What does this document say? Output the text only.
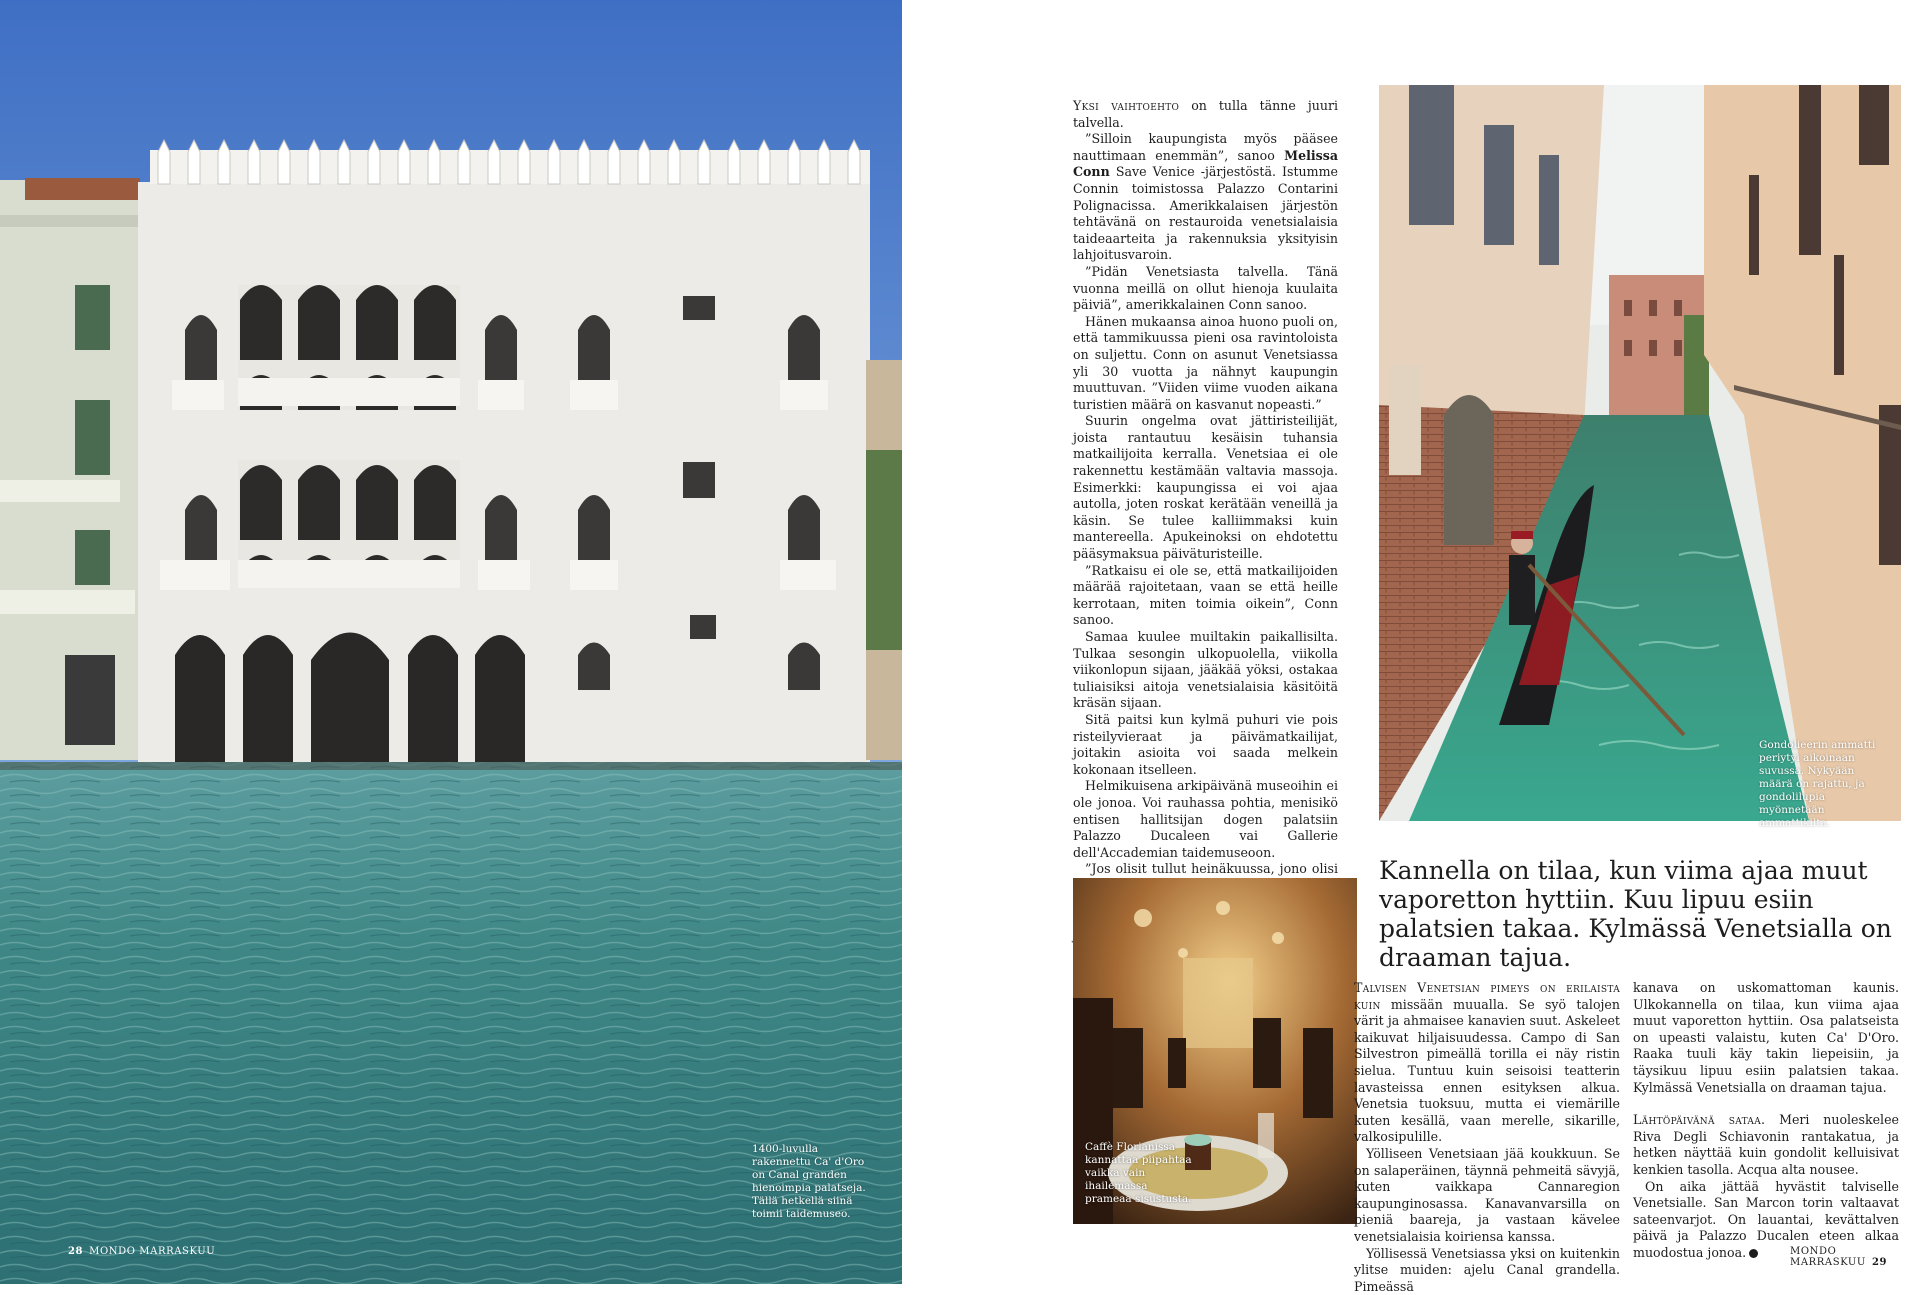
1400-luvulla rakennettu Ca' d'Oro on Canal granden hienoimpia palatseja. Tällä hetkellä siinä toimii taidemuseo.
28 MONDO MARRASKUU

Yksi vaihtoehto on tulla tänne juuri talvella.

”Silloin kaupungista myös pääsee nauttimaan enemmän”, sanoo Melissa Conn Save Venice -järjestöstä. Istumme Connin toimistossa Palazzo Contarini Polignacissa. Amerikkalaisen järjestön tehtävänä on restauroida venetsialaisia taideaarteita ja rakennuksia yksityisin lahjoitusvaroin.

”Pidän Venetsiasta talvella. Tänä vuonna meillä on ollut hienoja kuulaita päiviä”, amerikkalainen Conn sanoo.

Hänen mukaansa ainoa huono puoli on, että tammikuussa pieni osa ravintoloista on suljettu. Conn on asunut Venetsiassa yli 30 vuotta ja nähnyt kaupungin muuttuvan. ”Viiden viime vuoden aikana turistien määrä on kasvanut nopeasti.”

Suurin ongelma ovat jättiristeilijät, joista rantautuu kesäisin tuhansia matkailijoita kerralla. Venetsiaa ei ole rakennettu kestämään valtavia massoja. Esimerkki: kaupungissa ei voi ajaa autolla, joten roskat kerätään veneillä ja käsin. Se tulee kalliimmaksi kuin mantereella. Apukeinoksi on ehdotettu pääsymaksua päiväturisteille.

”Ratkaisu ei ole se, että matkailijoiden määrää rajoitetaan, vaan se että heille kerrotaan, miten toimia oikein”, Conn sanoo.

Samaa kuulee muiltakin paikallisilta. Tulkaa sesongin ulkopuolella, viikolla viikonlopun sijaan, jääkää yöksi, ostakaa tuliaisiksi aitoja venetsialaisia käsitöitä kräsän sijaan.

Sitä paitsi kun kylmä puhuri vie pois risteilyvieraat ja päivämatkailijat, joitakin asioita voi saada melkein kokonaan itselleen.

Helmikuisena arkipäivänä museoihin ei ole jonoa. Voi rauhassa pohtia, menisikö entisen hallitsijan dogen palatsiin Palazzo Ducaleen vai Gallerie dell'Accademian taidemuseoon.

”Jos olisit tullut heinäkuussa, jono olisi

Gondolieerin ammatti periytyi aikoinaan suvussa. Nykyään määrä on rajattu, ja gondolilupia myönnetään ammattikilta.
Kannella on tilaa, kun viima ajaa muut vaporetton hyttiin. Kuu lipuu esiin palatsien takaa. Kylmässä Venetsialla on draaman tajua.
Caffè Florianissa kannattaa piipahtaa vaikka vain ihailemassa prameaa sisustusta.

Talvisen Venetsian pimeys on erilaista kuin missään muualla. Se syö talojen värit ja ahmaisee kanavien suut. Askeleet kaikuvat hiljaisuudessa. Campo di San Silvestron pimeällä torilla ei näy ristin sielua. Tuntuu kuin seisoisi teatterin lavasteissa ennen esityksen alkua. Venetsia tuoksuu, mutta ei viemärille kuten kesällä, vaan merelle, sikarille, valkosipulille.

Yölliseen Venetsiaan jää koukkuun. Se on salaperäinen, täynnä pehmeitä sävyjä, kuten vaikkapa Cannaregion kaupunginosassa. Kanavanvarsilla on pieniä baareja, ja vastaan kävelee venetsialaisia koiriensa kanssa.

Yöllisessä Venetsiassa yksi on kuitenkin ylitse muiden: ajelu Canal grandella. Pimeässä

kanava on uskomattoman kaunis. Ulkokannella on tilaa, kun viima ajaa muut vaporetton hyttiin. Osa palatseista on upeasti valaistu, kuten Ca' D'Oro. Raaka tuuli käy takin liepeisiin, ja täysikuu lipuu esiin palatsien takaa. Kylmässä Venetsialla on draaman tajua.

Lähtöpäivänä sataa. Meri nuoleskelee Riva Degli Schiavonin rantakatua, ja hetken näyttää kuin gondolit kelluisivat kenkien tasolla. Acqua alta nousee.

On aika jättää hyvästit talviselle Venetsialle. San Marcon torin valtaavat sateenvarjot. On lauantai, kevättalven päivä ja Palazzo Ducalen eteen alkaa muodostua jonoa.	MONDO MARRASKUU 29
